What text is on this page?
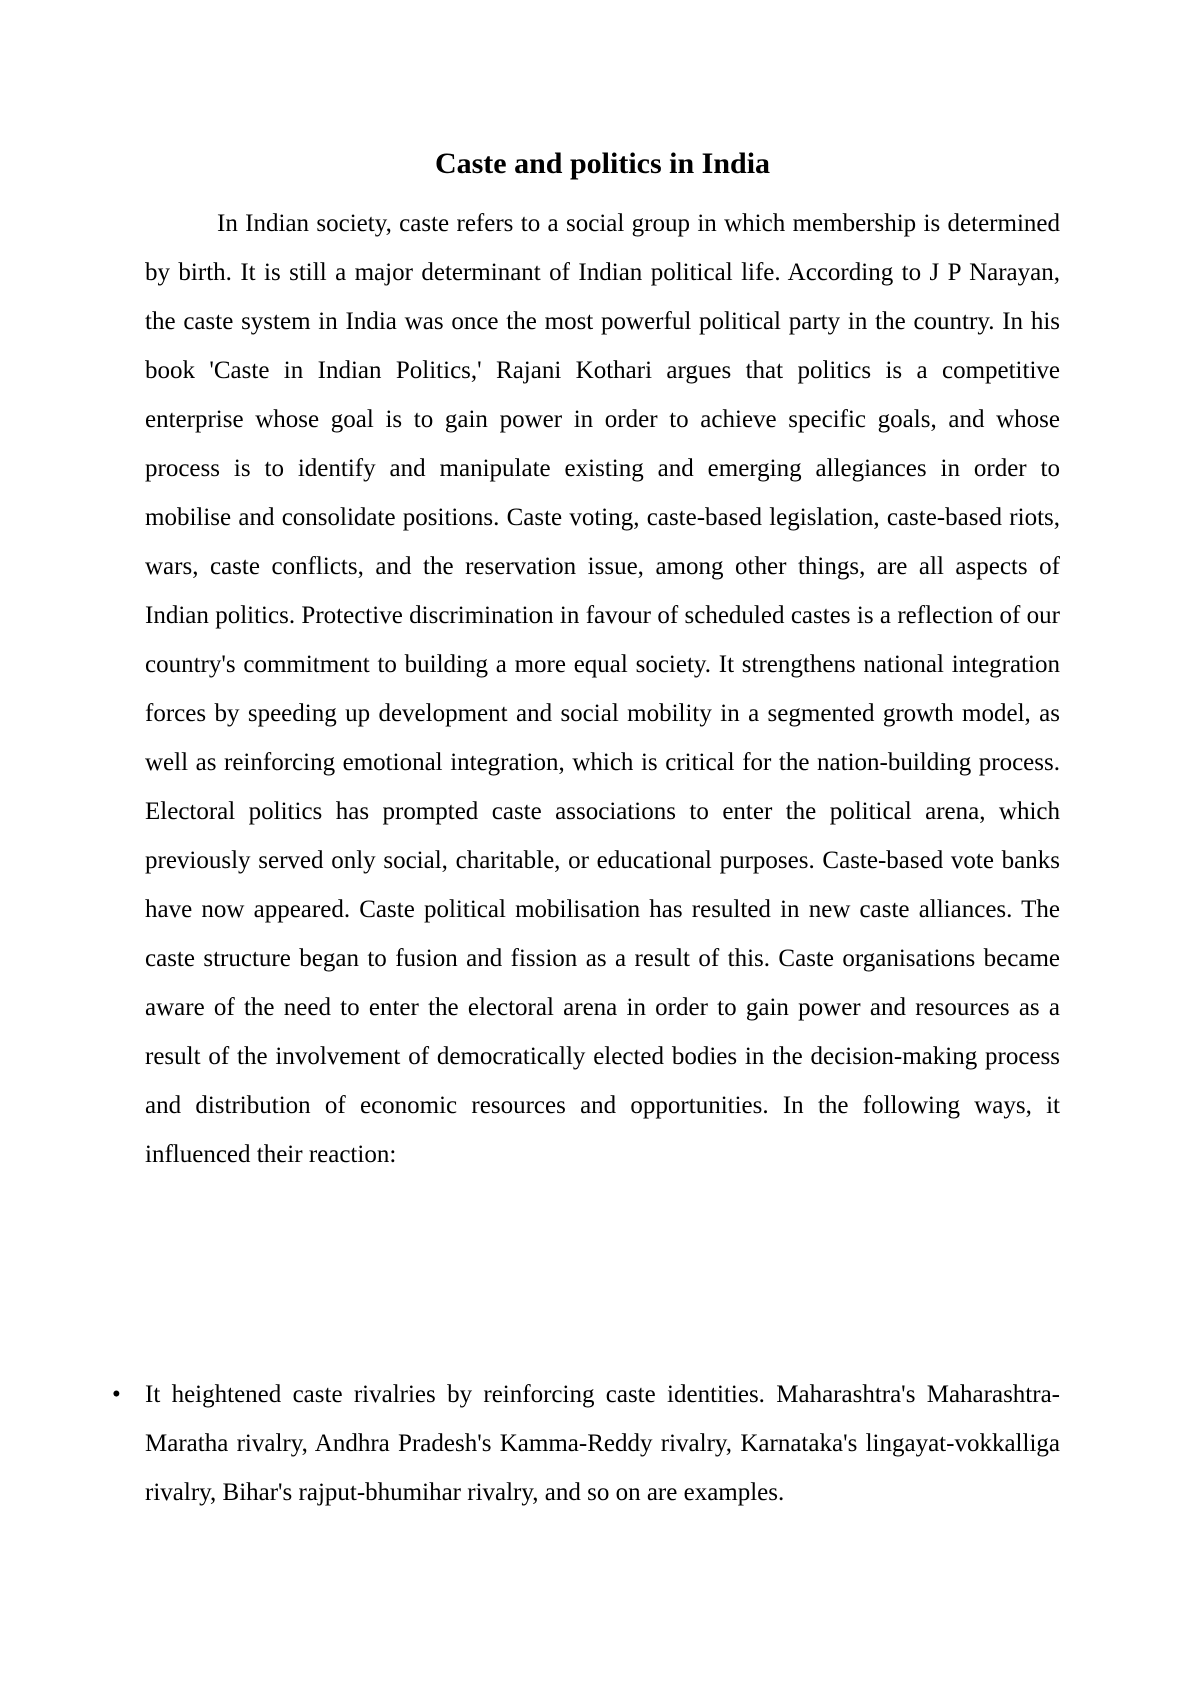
Caste and politics in India

In Indian society, caste refers to a social group in which membership is determined by birth. It is still a major determinant of Indian political life. According to J P Narayan, the caste system in India was once the most powerful political party in the country. In his book 'Caste in Indian Politics,' Rajani Kothari argues that politics is a competitive enterprise whose goal is to gain power in order to achieve specific goals, and whose process is to identify and manipulate existing and emerging allegiances in order to mobilise and consolidate positions. Caste voting, caste-based legislation, caste-based riots, wars, caste conflicts, and the reservation issue, among other things, are all aspects of Indian politics. Protective discrimination in favour of scheduled castes is a reflection of our country's commitment to building a more equal society. It strengthens national integration forces by speeding up development and social mobility in a segmented growth model, as well as reinforcing emotional integration, which is critical for the nation-building process. Electoral politics has prompted caste associations to enter the political arena, which previously served only social, charitable, or educational purposes. Caste-based vote banks have now appeared. Caste political mobilisation has resulted in new caste alliances. The caste structure began to fusion and fission as a result of this. Caste organisations became aware of the need to enter the electoral arena in order to gain power and resources as a result of the involvement of democratically elected bodies in the decision-making process and distribution of economic resources and opportunities. In the following ways, it influenced their reaction:

• It heightened caste rivalries by reinforcing caste identities. Maharashtra's Maharashtra-Maratha rivalry, Andhra Pradesh's Kamma-Reddy rivalry, Karnataka's lingayat-vokkalliga rivalry, Bihar's rajput-bhumihar rivalry, and so on are examples.
